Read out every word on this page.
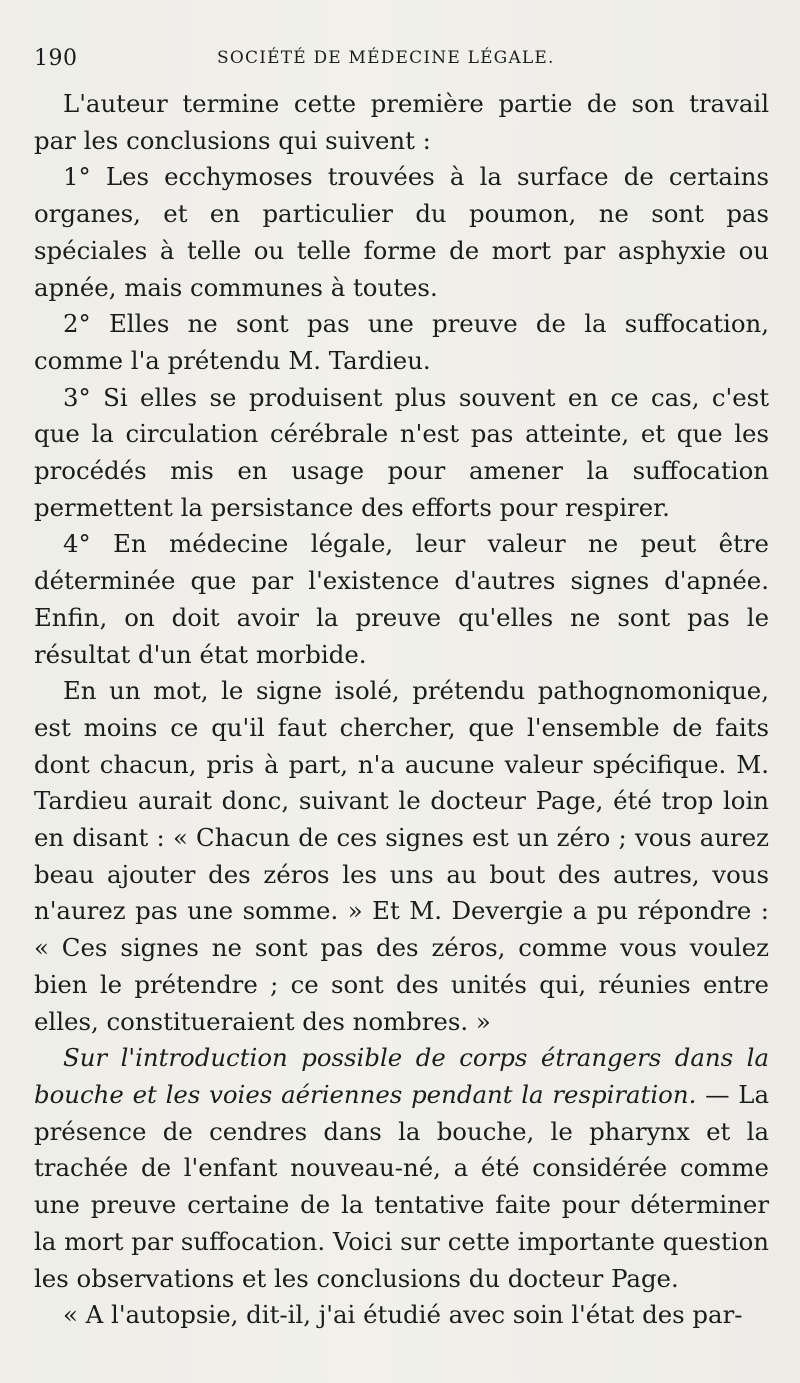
190	SOCIÉTÉ DE MÉDECINE LÉGALE.

L'auteur termine cette première partie de son travail par les conclusions qui suivent :

1° Les ecchymoses trouvées à la surface de certains organes, et en particulier du poumon, ne sont pas spéciales à telle ou telle forme de mort par asphyxie ou apnée, mais communes à toutes.

2° Elles ne sont pas une preuve de la suffocation, comme l'a prétendu M. Tardieu.

3° Si elles se produisent plus souvent en ce cas, c'est que la circulation cérébrale n'est pas atteinte, et que les procédés mis en usage pour amener la suffocation permettent la persistance des efforts pour respirer.

4° En médecine légale, leur valeur ne peut être déterminée que par l'existence d'autres signes d'apnée. Enfin, on doit avoir la preuve qu'elles ne sont pas le résultat d'un état morbide.

En un mot, le signe isolé, prétendu pathognomonique, est moins ce qu'il faut chercher, que l'ensemble de faits dont chacun, pris à part, n'a aucune valeur spécifique. M. Tardieu aurait donc, suivant le docteur Page, été trop loin en disant : « Chacun de ces signes est un zéro ; vous aurez beau ajouter des zéros les uns au bout des autres, vous n'aurez pas une somme. » Et M. Devergie a pu répondre : « Ces signes ne sont pas des zéros, comme vous voulez bien le prétendre ; ce sont des unités qui, réunies entre elles, constitueraient des nombres. »

Sur l'introduction possible de corps étrangers dans la bouche et les voies aériennes pendant la respiration. — La présence de cendres dans la bouche, le pharynx et la trachée de l'enfant nouveau-né, a été considérée comme une preuve certaine de la tentative faite pour déterminer la mort par suffocation. Voici sur cette importante question les observations et les conclusions du docteur Page.

« A l'autopsie, dit-il, j'ai étudié avec soin l'état des par-
